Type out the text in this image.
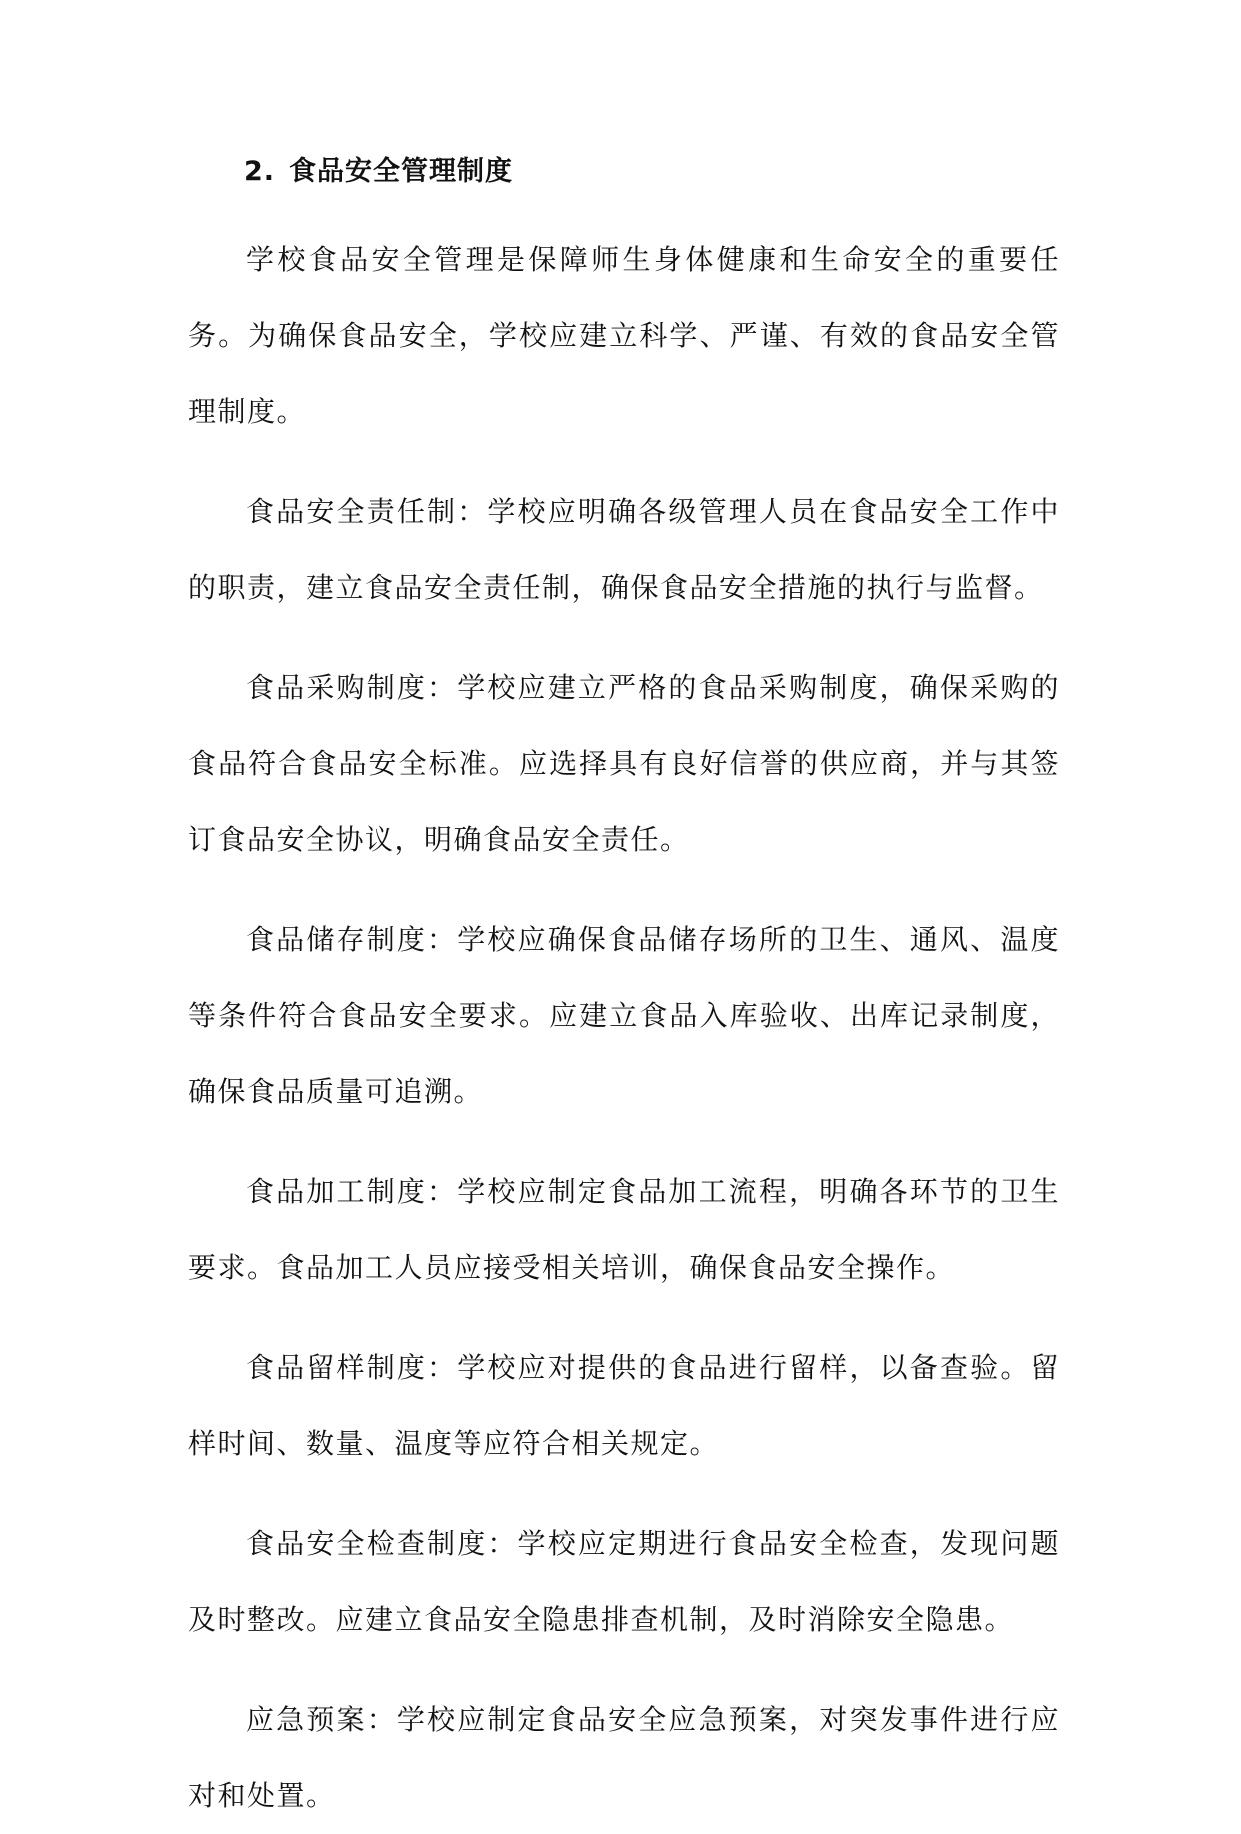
2. 食品安全管理制度

学校食品安全管理是保障师生身体健康和生命安全的重要任务。为确保食品安全，学校应建立科学、严谨、有效的食品安全管理制度。

食品安全责任制：学校应明确各级管理人员在食品安全工作中的职责，建立食品安全责任制，确保食品安全措施的执行与监督。

食品采购制度：学校应建立严格的食品采购制度，确保采购的食品符合食品安全标准。应选择具有良好信誉的供应商，并与其签订食品安全协议，明确食品安全责任。

食品储存制度：学校应确保食品储存场所的卫生、通风、温度等条件符合食品安全要求。应建立食品入库验收、出库记录制度，确保食品质量可追溯。

食品加工制度：学校应制定食品加工流程，明确各环节的卫生要求。食品加工人员应接受相关培训，确保食品安全操作。

食品留样制度：学校应对提供的食品进行留样，以备查验。留样时间、数量、温度等应符合相关规定。

食品安全检查制度：学校应定期进行食品安全检查，发现问题及时整改。应建立食品安全隐患排查机制，及时消除安全隐患。

应急预案：学校应制定食品安全应急预案，对突发事件进行应对和处置。
